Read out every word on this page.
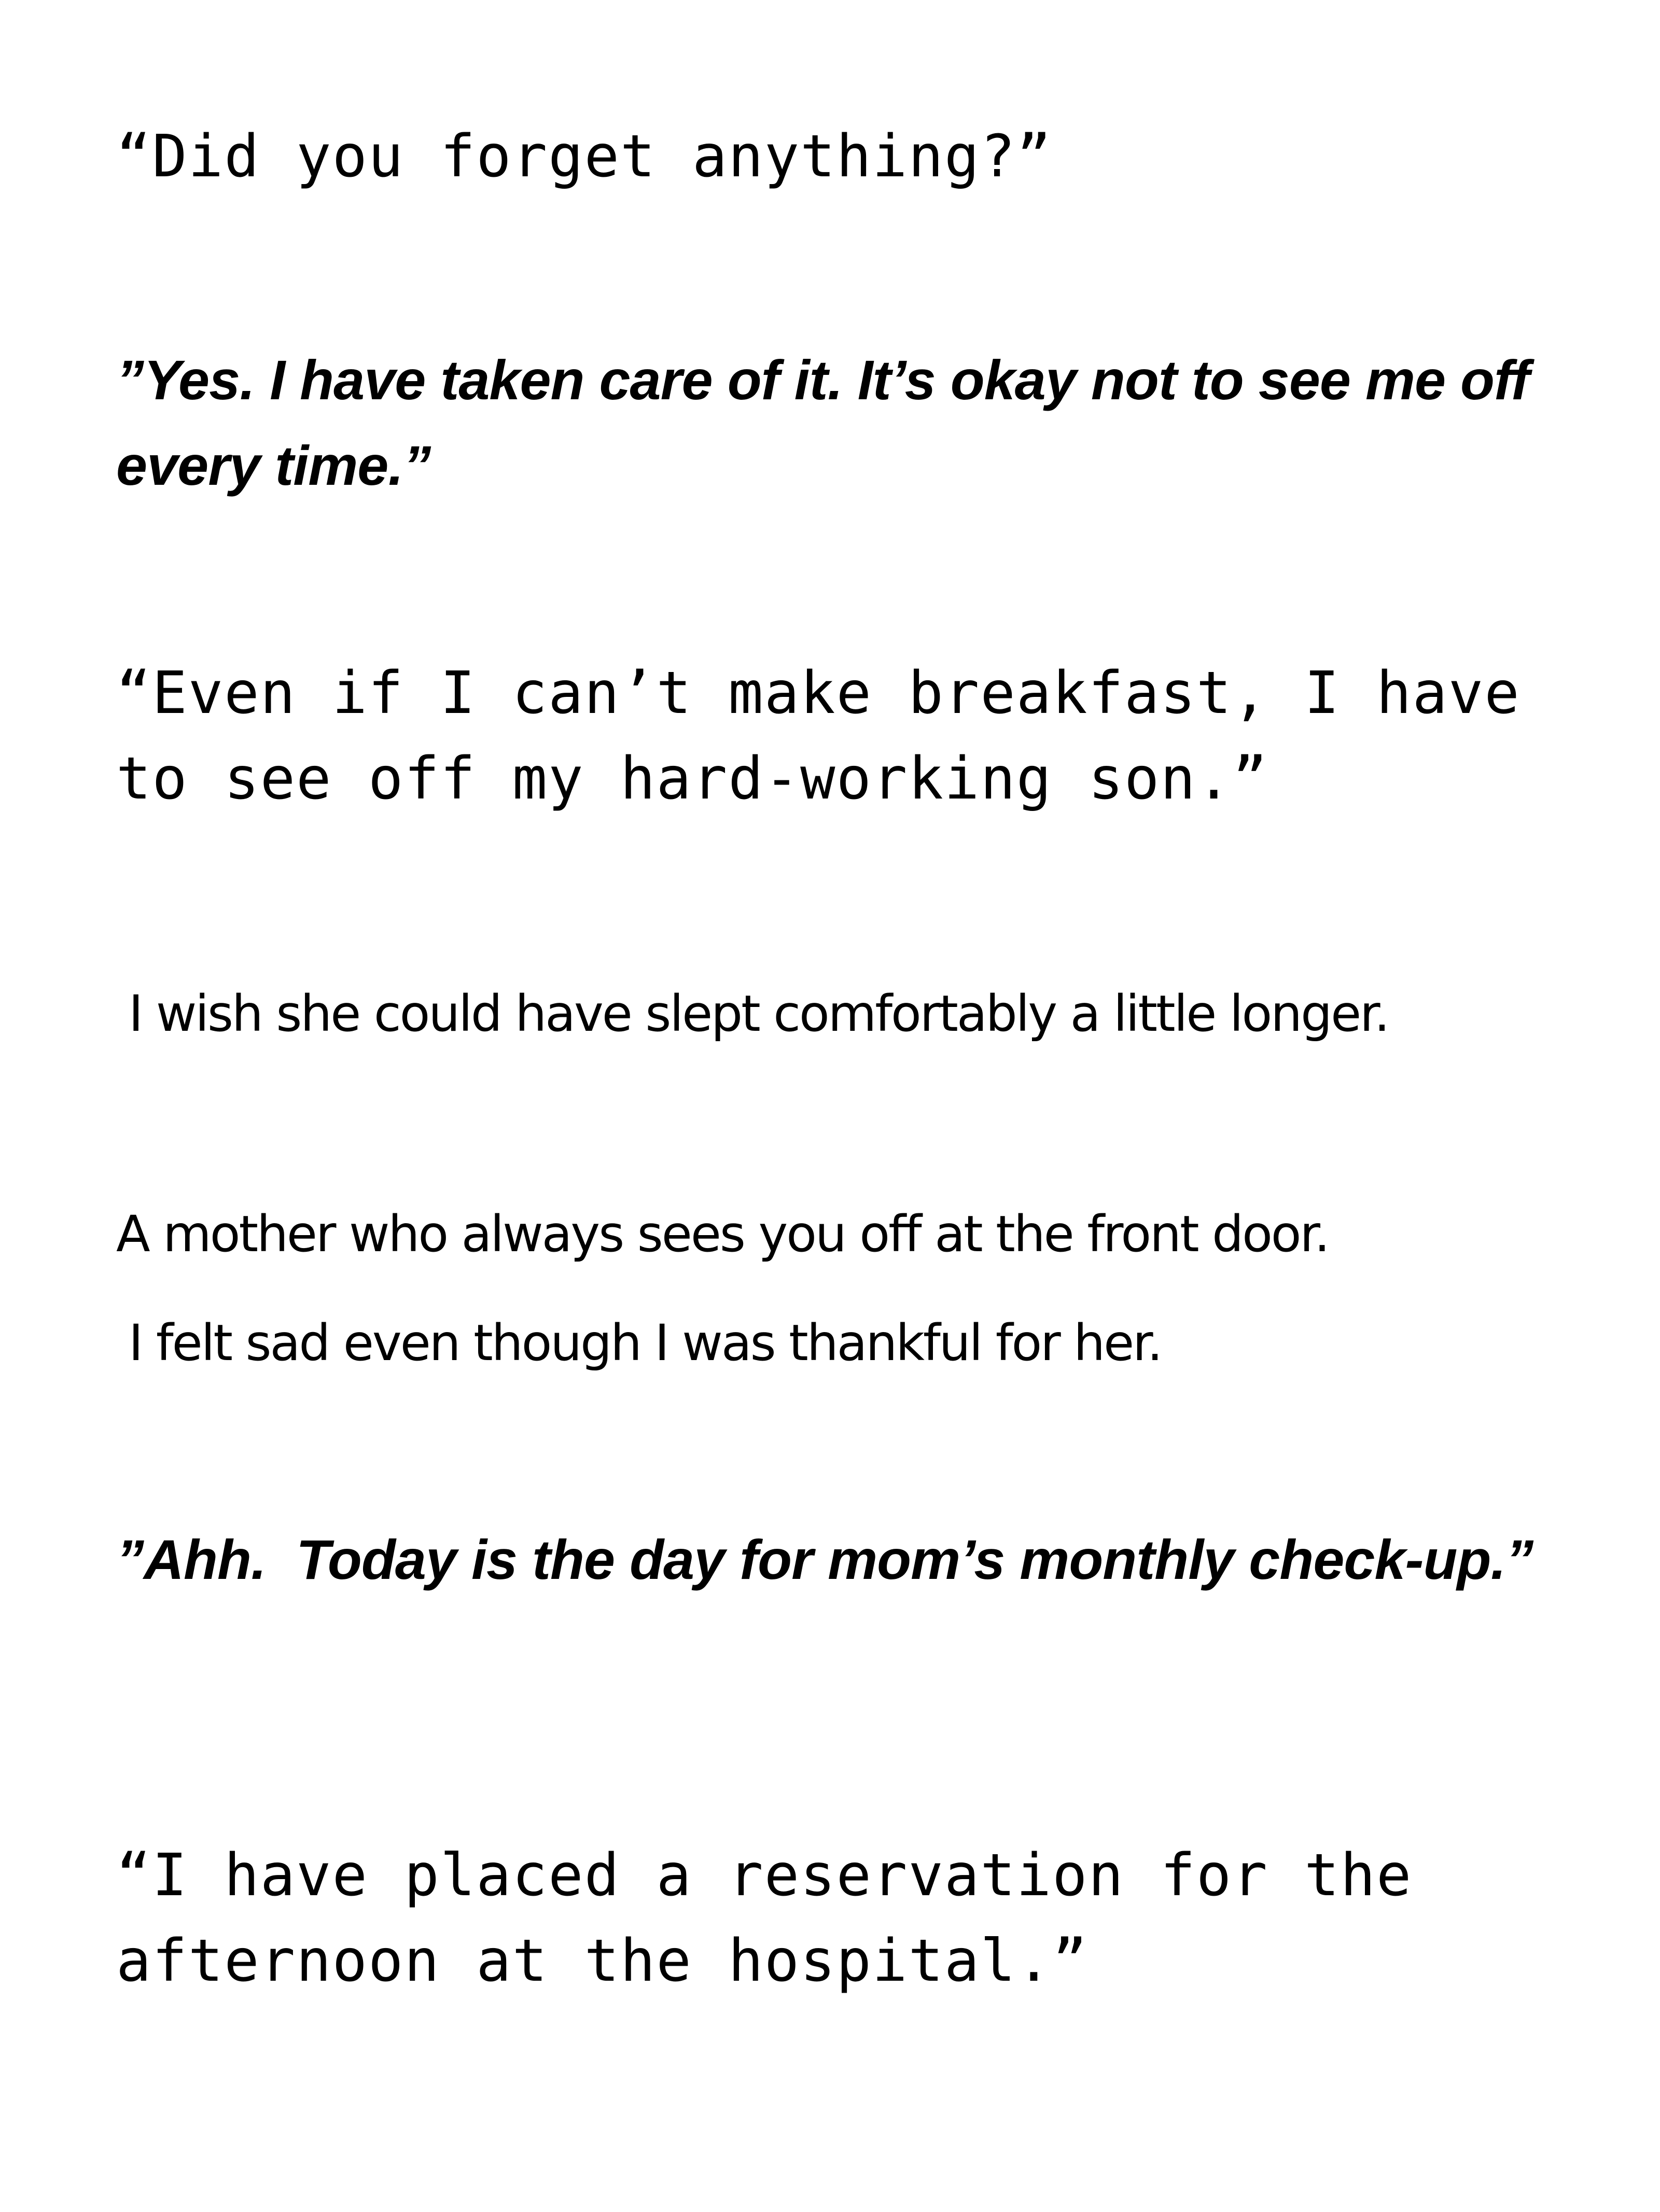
“Did you forget anything?”

”Yes. I have taken care of it. It’s okay not to see me off every time.”

“Even if I can’t make breakfast, I have to see off my hard-working son.”

I wish she could have slept comfortably a little longer.

A mother who always sees you off at the front door.

I felt sad even though I was thankful for her.

”Ahh.  Today is the day for mom’s monthly check-up.”

“I have placed a reservation for the afternoon at the hospital.”
